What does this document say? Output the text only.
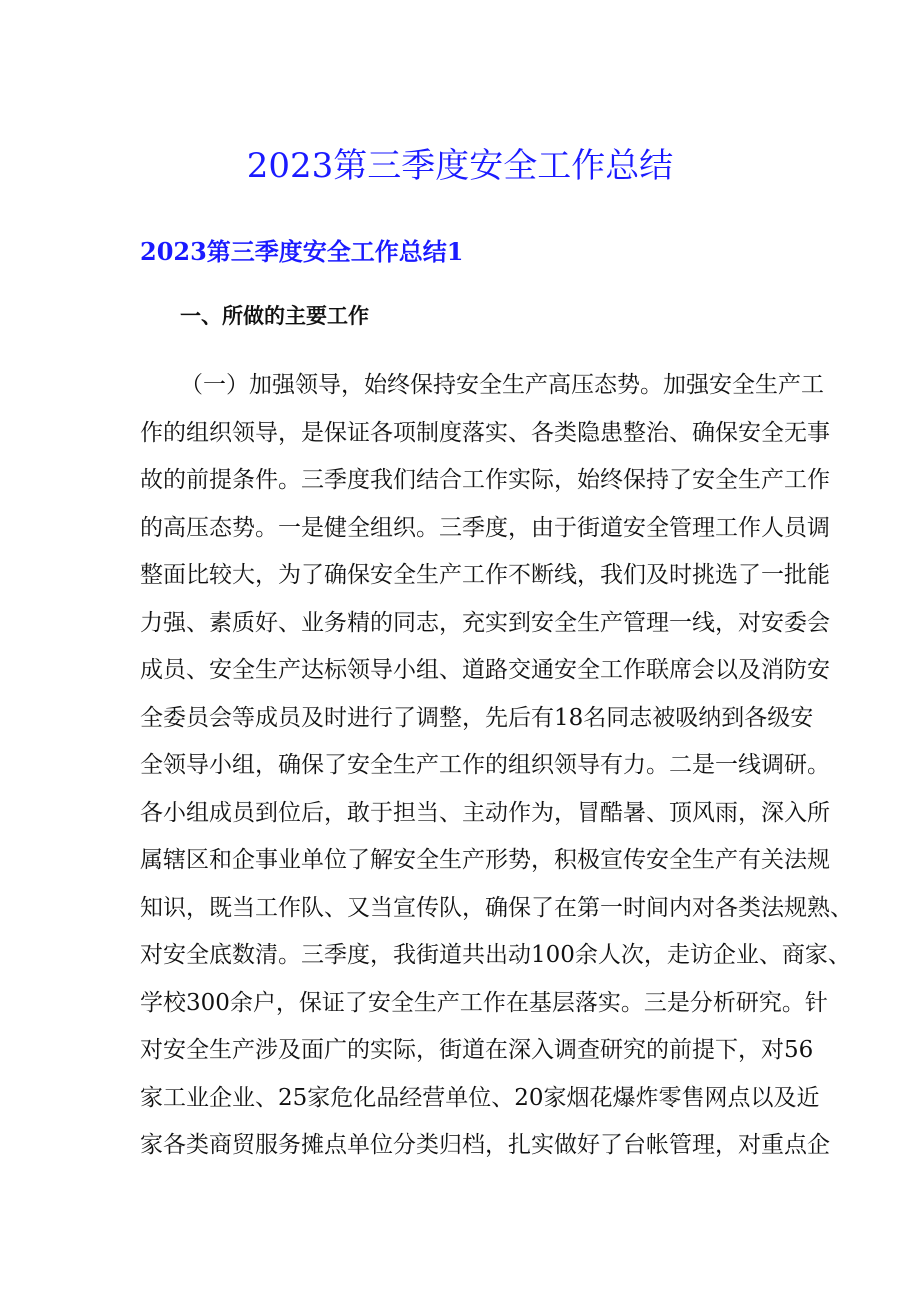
2023第三季度安全工作总结
2023第三季度安全工作总结1
一、所做的主要工作
（一）加强领导，始终保持安全生产高压态势。加强安全生产工
作的组织领导，是保证各项制度落实、各类隐患整治、确保安全无事
故的前提条件。三季度我们结合工作实际，始终保持了安全生产工作
的高压态势。一是健全组织。三季度，由于街道安全管理工作人员调
整面比较大，为了确保安全生产工作不断线，我们及时挑选了一批能
力强、素质好、业务精的同志，充实到安全生产管理一线，对安委会
成员、安全生产达标领导小组、道路交通安全工作联席会以及消防安
全委员会等成员及时进行了调整，先后有18名同志被吸纳到各级安
全领导小组，确保了安全生产工作的组织领导有力。二是一线调研。
各小组成员到位后，敢于担当、主动作为，冒酷暑、顶风雨，深入所
属辖区和企事业单位了解安全生产形势，积极宣传安全生产有关法规
知识，既当工作队、又当宣传队，确保了在第一时间内对各类法规熟、
对安全底数清。三季度，我街道共出动100余人次，走访企业、商家、
学校300余户，保证了安全生产工作在基层落实。三是分析研究。针
对安全生产涉及面广的实际，街道在深入调查研究的前提下，对56
家工业企业、25家危化品经营单位、20家烟花爆炸零售网点以及近
家各类商贸服务摊点单位分类归档，扎实做好了台帐管理，对重点企
